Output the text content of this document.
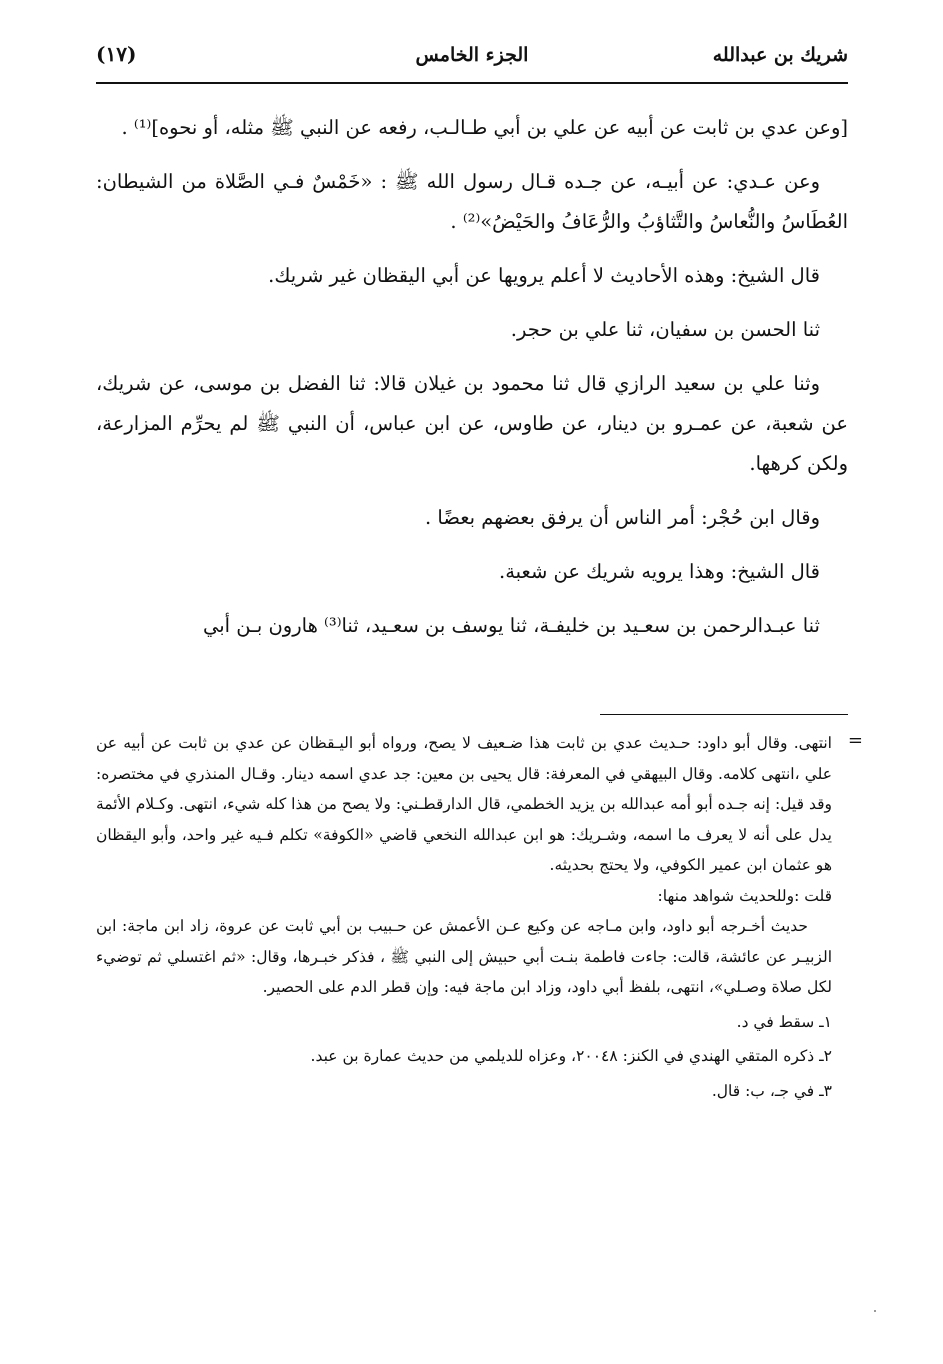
شريك بن عبدالله
الجزء الخامس
(١٧)

[وعن عدي بن ثابت عن أبيه عن علي بن أبي طـالـب، رفعه عن النبي ﷺ مثله، أو نحوه]⁽¹⁾ .

وعن عـدي: عن أبيـه، عن جـده قـال رسول الله ﷺ : «خَمْسٌ فـي الصَّلاة من الشيطان: العُطَاسُ والنُّعاسُ والتَّثاؤبُ والرُّعَافُ والحَيْضُ»⁽²⁾ .

قال الشيخ: وهذه الأحاديث لا أعلم يرويها عن أبي اليقظان غير شريك.

ثنا الحسن بن سفيان، ثنا علي بن حجر.

وثنا علي بن سعيد الرازي قال ثنا محمود بن غيلان قالا: ثنا الفضل بن موسى، عن شريك، عن شعبة، عن عمـرو بن دينار، عن طاوس، عن ابن عباس، أن النبي ﷺ لم يحرِّم المزارعة، ولكن كرهها.

وقال ابن حُجْر: أمر الناس أن يرفق بعضهم بعضًا .

قال الشيخ: وهذا يرويه شريك عن شعبة.

ثنا عبـدالرحمن بن سعـيد بن خليفـة، ثنا يوسف بن سعـيد، ثنا⁽³⁾ هارون بـن أبي

=

انتهى. وقال أبو داود: حـديث عدي بن ثابت هذا ضـعيف لا يصح، ورواه أبو اليـقظان عن عدي بن ثابت عن أبيه عن علي ،انتهى كلامه. وقال البيهقي في المعرفة: قال يحيى بن معين: جد عدي اسمه دينار. وقـال المنذري في مختصره: وقد قيل: إنه جـده أبو أمه عبدالله بن يزيد الخطمي، قال الدارقطـني: ولا يصح من هذا كله شيء، انتهى. وكـلام الأئمة يدل على أنه لا يعرف ما اسمه، وشـريك: هو ابن عبدالله النخعي قاضي «الكوفة» تكلم فـيه غير واحد، وأبو اليقظان هو عثمان ابن عمير الكوفي، ولا يحتج بحديثه.

قلت :وللحديث شواهد منها:

حديث أخـرجه أبو داود، وابن مـاجه عن وكيع عـن الأعمش عن حـبيب بن أبي ثابت عن عروة، زاد ابن ماجة: ابن الزبيـر عن عائشة، قالت: جاءت فاطمة بنـت أبي حبيش إلى النبي ﷺ ، فذكر خبـرها، وقال: «ثم اغتسلي ثم توضيء لكل صلاة وصـلي»، انتهى، بلفظ أبي داود، وزاد ابن ماجة فيه: وإن قطر الدم على الحصير.

١ـ سقط في د.

٢ـ ذكره المتقي الهندي في الكنز: ٢٠٠٤٨، وعزاه للديلمي من حديث عمارة بن عبد.

٣ـ في جـ، ب: قال.
